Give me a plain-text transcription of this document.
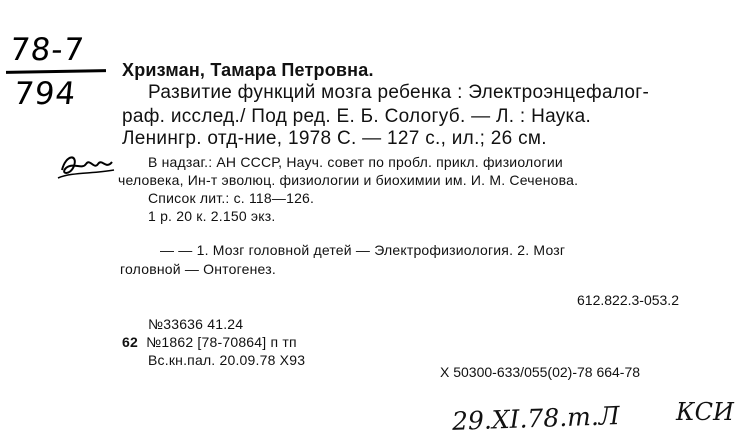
78-7
794
Хризман, Тамара Петровна.
Развитие функций мозга ребенка : Электроэнцефалог-
раф. исслед./ Под ред. Е. Б. Сологуб. — Л. : Наука.
Ленингр. отд-ние, 1978 С. — 127 с., ил.; 26 см.
В надзаг.: АН СССР, Науч. совет по пробл. прикл. физиологии
человека, Ин-т эволюц. физиологии и биохимии им. И. М. Сеченова.
Список лит.: с. 118—126.
1 р. 20 к. 2.150 экз.
— — 1. Мозг головной детей — Электрофизиология. 2. Мозг
головной — Онтогенез.
612.822.3-053.2
№33636 41.24
62 №1862 [78-70864] п тп
Вс.кн.пал. 20.09.78 Х93
Х 50300-633/055(02)-78 664-78
29.XI.78.т.Л КСИ
